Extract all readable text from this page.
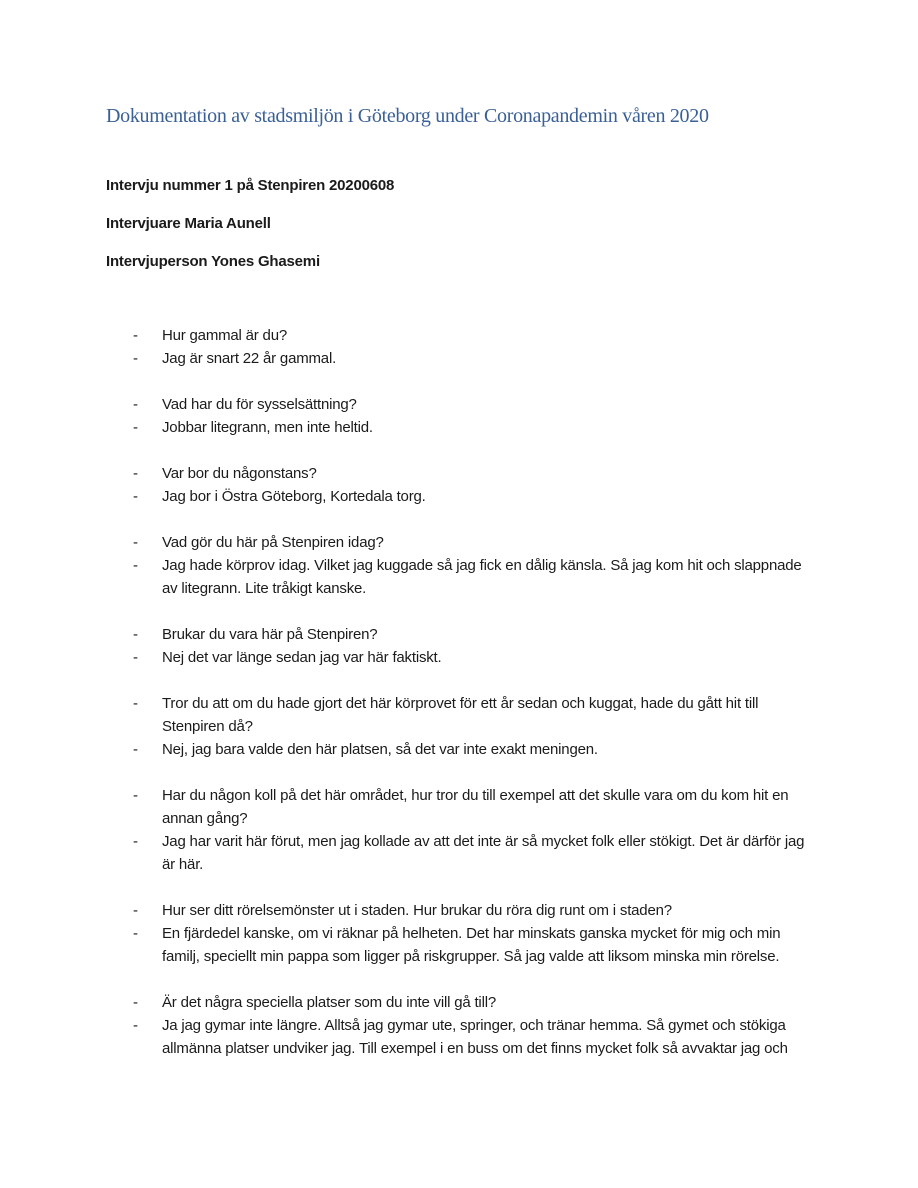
Dokumentation av stadsmiljön i Göteborg under Coronapandemin våren 2020

Intervju nummer 1 på Stenpiren 20200608

Intervjuare Maria Aunell

Intervjuperson Yones Ghasemi

-	Hur gammal är du?

-	Jag är snart 22 år gammal.

-	Vad har du för sysselsättning?

-	Jobbar litegrann, men inte heltid.

-	Var bor du någonstans?

-	Jag bor i Östra Göteborg, Kortedala torg.

-	Vad gör du här på Stenpiren idag?

-	Jag hade körprov idag. Vilket jag kuggade så jag fick en dålig känsla. Så jag kom hit och slappnade av litegrann. Lite tråkigt kanske.

-	Brukar du vara här på Stenpiren?

-	Nej det var länge sedan jag var här faktiskt.

-	Tror du att om du hade gjort det här körprovet för ett år sedan och kuggat, hade du gått hit till Stenpiren då?

-	Nej, jag bara valde den här platsen, så det var inte exakt meningen.

-	Har du någon koll på det här området, hur tror du till exempel att det skulle vara om du kom hit en annan gång?

-	Jag har varit här förut, men jag kollade av att det inte är så mycket folk eller stökigt. Det är därför jag är här.

-	Hur ser ditt rörelsemönster ut i staden. Hur brukar du röra dig runt om i staden?

-	En fjärdedel kanske, om vi räknar på helheten. Det har minskats ganska mycket för mig och min familj, speciellt min pappa som ligger på riskgrupper. Så jag valde att liksom minska min rörelse.

-	Är det några speciella platser som du inte vill gå till?

-	Ja jag gymar inte längre. Alltså jag gymar ute, springer, och tränar hemma. Så gymet och stökiga allmänna platser undviker jag. Till exempel i en buss om det finns mycket folk så avvaktar jag och
